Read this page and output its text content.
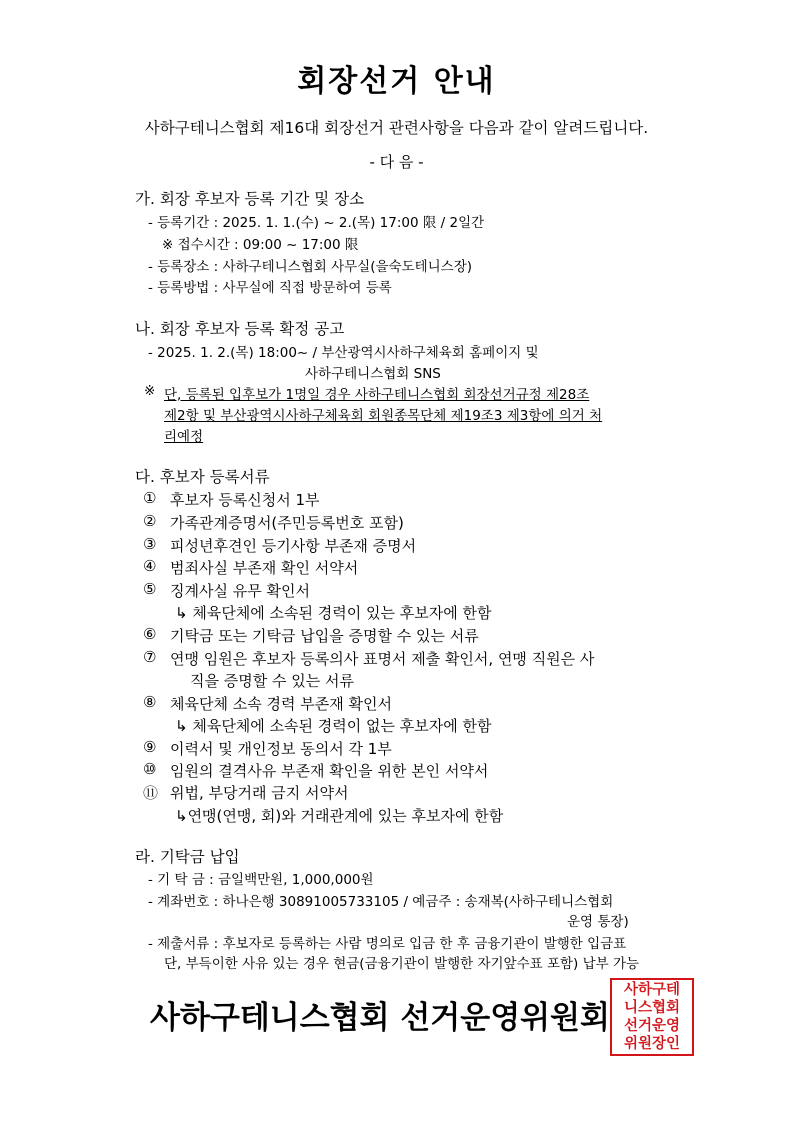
회장선거 안내
사하구테니스협회 제16대 회장선거 관련사항을 다음과 같이 알려드립니다.
- 다 음 -
가. 회장 후보자 등록 기간 및 장소
- 등록기간 : 2025. 1. 1.(수) ~ 2.(목) 17:00 限 / 2일간
※ 접수시간 : 09:00 ~ 17:00 限
- 등록장소 : 사하구테니스협회 사무실(을숙도테니스장)
- 등록방법 : 사무실에 직접 방문하여 등록
나. 회장 후보자 등록 확정 공고
- 2025. 1. 2.(목) 18:00~ / 부산광역시사하구체육회 홈페이지 및
사하구테니스협회 SNS
※ 단, 등록된 입후보가 1명일 경우 사하구테니스협회 회장선거규정 제28조
제2항 및 부산광역시사하구체육회 회원종목단체 제19조3 제3항에 의거 처
리예정
다. 후보자 등록서류
① 후보자 등록신청서 1부
② 가족관계증명서(주민등록번호 포함)
③ 피성년후견인 등기사항 부존재 증명서
④ 범죄사실 부존재 확인 서약서
⑤ 징계사실 유무 확인서
↳ 체육단체에 소속된 경력이 있는 후보자에 한함
⑥ 기탁금 또는 기탁금 납입을 증명할 수 있는 서류
⑦ 연맹 임원은 후보자 등록의사 표명서 제출 확인서, 연맹 직원은 사
직을 증명할 수 있는 서류
⑧ 체육단체 소속 경력 부존재 확인서
↳ 체육단체에 소속된 경력이 없는 후보자에 한함
⑨ 이력서 및 개인정보 동의서 각 1부
⑩ 임원의 결격사유 부존재 확인을 위한 본인 서약서
⑪ 위법, 부당거래 금지 서약서
↳연맹(연맹, 회)와 거래관계에 있는 후보자에 한함
라. 기탁금 납입
- 기 탁 금 : 금일백만원, 1,000,000원
- 계좌번호 : 하나은행 30891005733105 / 예금주 : 송재복(사하구테니스협회
운영 통장)
- 제출서류 : 후보자로 등록하는 사람 명의로 입금 한 후 금융기관이 발행한 입금표
단, 부득이한 사유 있는 경우 현금(금융기관이 발행한 자기앞수표 포함) 납부 가능
사하구테니스협회 선거운영위원회
사하구테
니스협회
선거운영
위원장인
